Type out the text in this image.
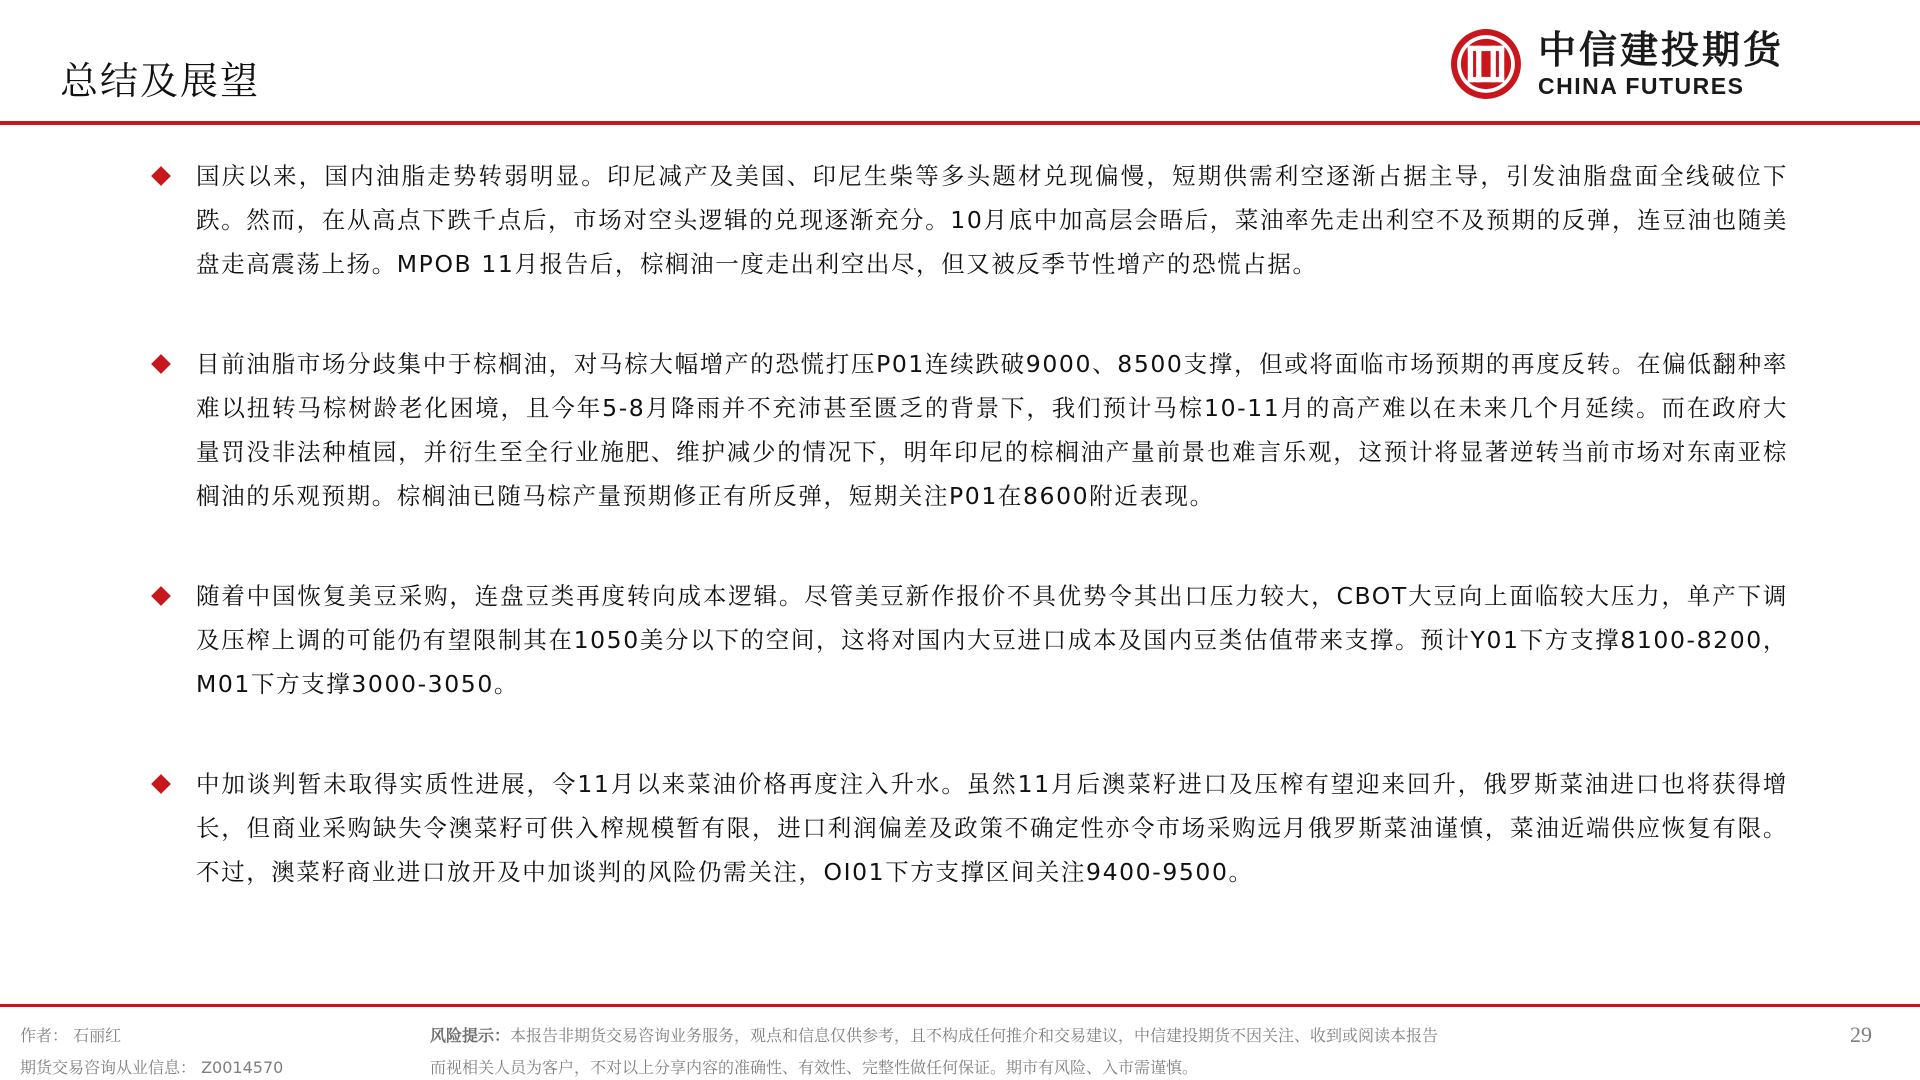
总结及展望
中信建投期货
CHINA FUTURES
国庆以来，国内油脂走势转弱明显。印尼减产及美国、印尼生柴等多头题材兑现偏慢，短期供需利空逐渐占据主导，引发油脂盘面全线破位下跌。然而，在从高点下跌千点后，市场对空头逻辑的兑现逐渐充分。10月底中加高层会晤后，菜油率先走出利空不及预期的反弹，连豆油也随美盘走高震荡上扬。MPOB 11月报告后，棕榈油一度走出利空出尽，但又被反季节性增产的恐慌占据。
目前油脂市场分歧集中于棕榈油，对马棕大幅增产的恐慌打压P01连续跌破9000、8500支撑，但或将面临市场预期的再度反转。在偏低翻种率难以扭转马棕树龄老化困境，且今年5-8月降雨并不充沛甚至匮乏的背景下，我们预计马棕10-11月的高产难以在未来几个月延续。而在政府大量罚没非法种植园，并衍生至全行业施肥、维护减少的情况下，明年印尼的棕榈油产量前景也难言乐观，这预计将显著逆转当前市场对东南亚棕榈油的乐观预期。棕榈油已随马棕产量预期修正有所反弹，短期关注P01在8600附近表现。
随着中国恢复美豆采购，连盘豆类再度转向成本逻辑。尽管美豆新作报价不具优势令其出口压力较大，CBOT大豆向上面临较大压力，单产下调及压榨上调的可能仍有望限制其在1050美分以下的空间，这将对国内大豆进口成本及国内豆类估值带来支撑。预计Y01下方支撑8100-8200，M01下方支撑3000-3050。
中加谈判暂未取得实质性进展，令11月以来菜油价格再度注入升水。虽然11月后澳菜籽进口及压榨有望迎来回升，俄罗斯菜油进口也将获得增长，但商业采购缺失令澳菜籽可供入榨规模暂有限，进口利润偏差及政策不确定性亦令市场采购远月俄罗斯菜油谨慎，菜油近端供应恢复有限。不过，澳菜籽商业进口放开及中加谈判的风险仍需关注，OI01下方支撑区间关注9400-9500。
作者： 石丽红
期货交易咨询从业信息： Z0014570
风险提示：本报告非期货交易咨询业务服务，观点和信息仅供参考，且不构成任何推介和交易建议，中信建投期货不因关注、收到或阅读本报告而视相关人员为客户，不对以上分享内容的准确性、有效性、完整性做任何保证。期市有风险、入市需谨慎。
29
